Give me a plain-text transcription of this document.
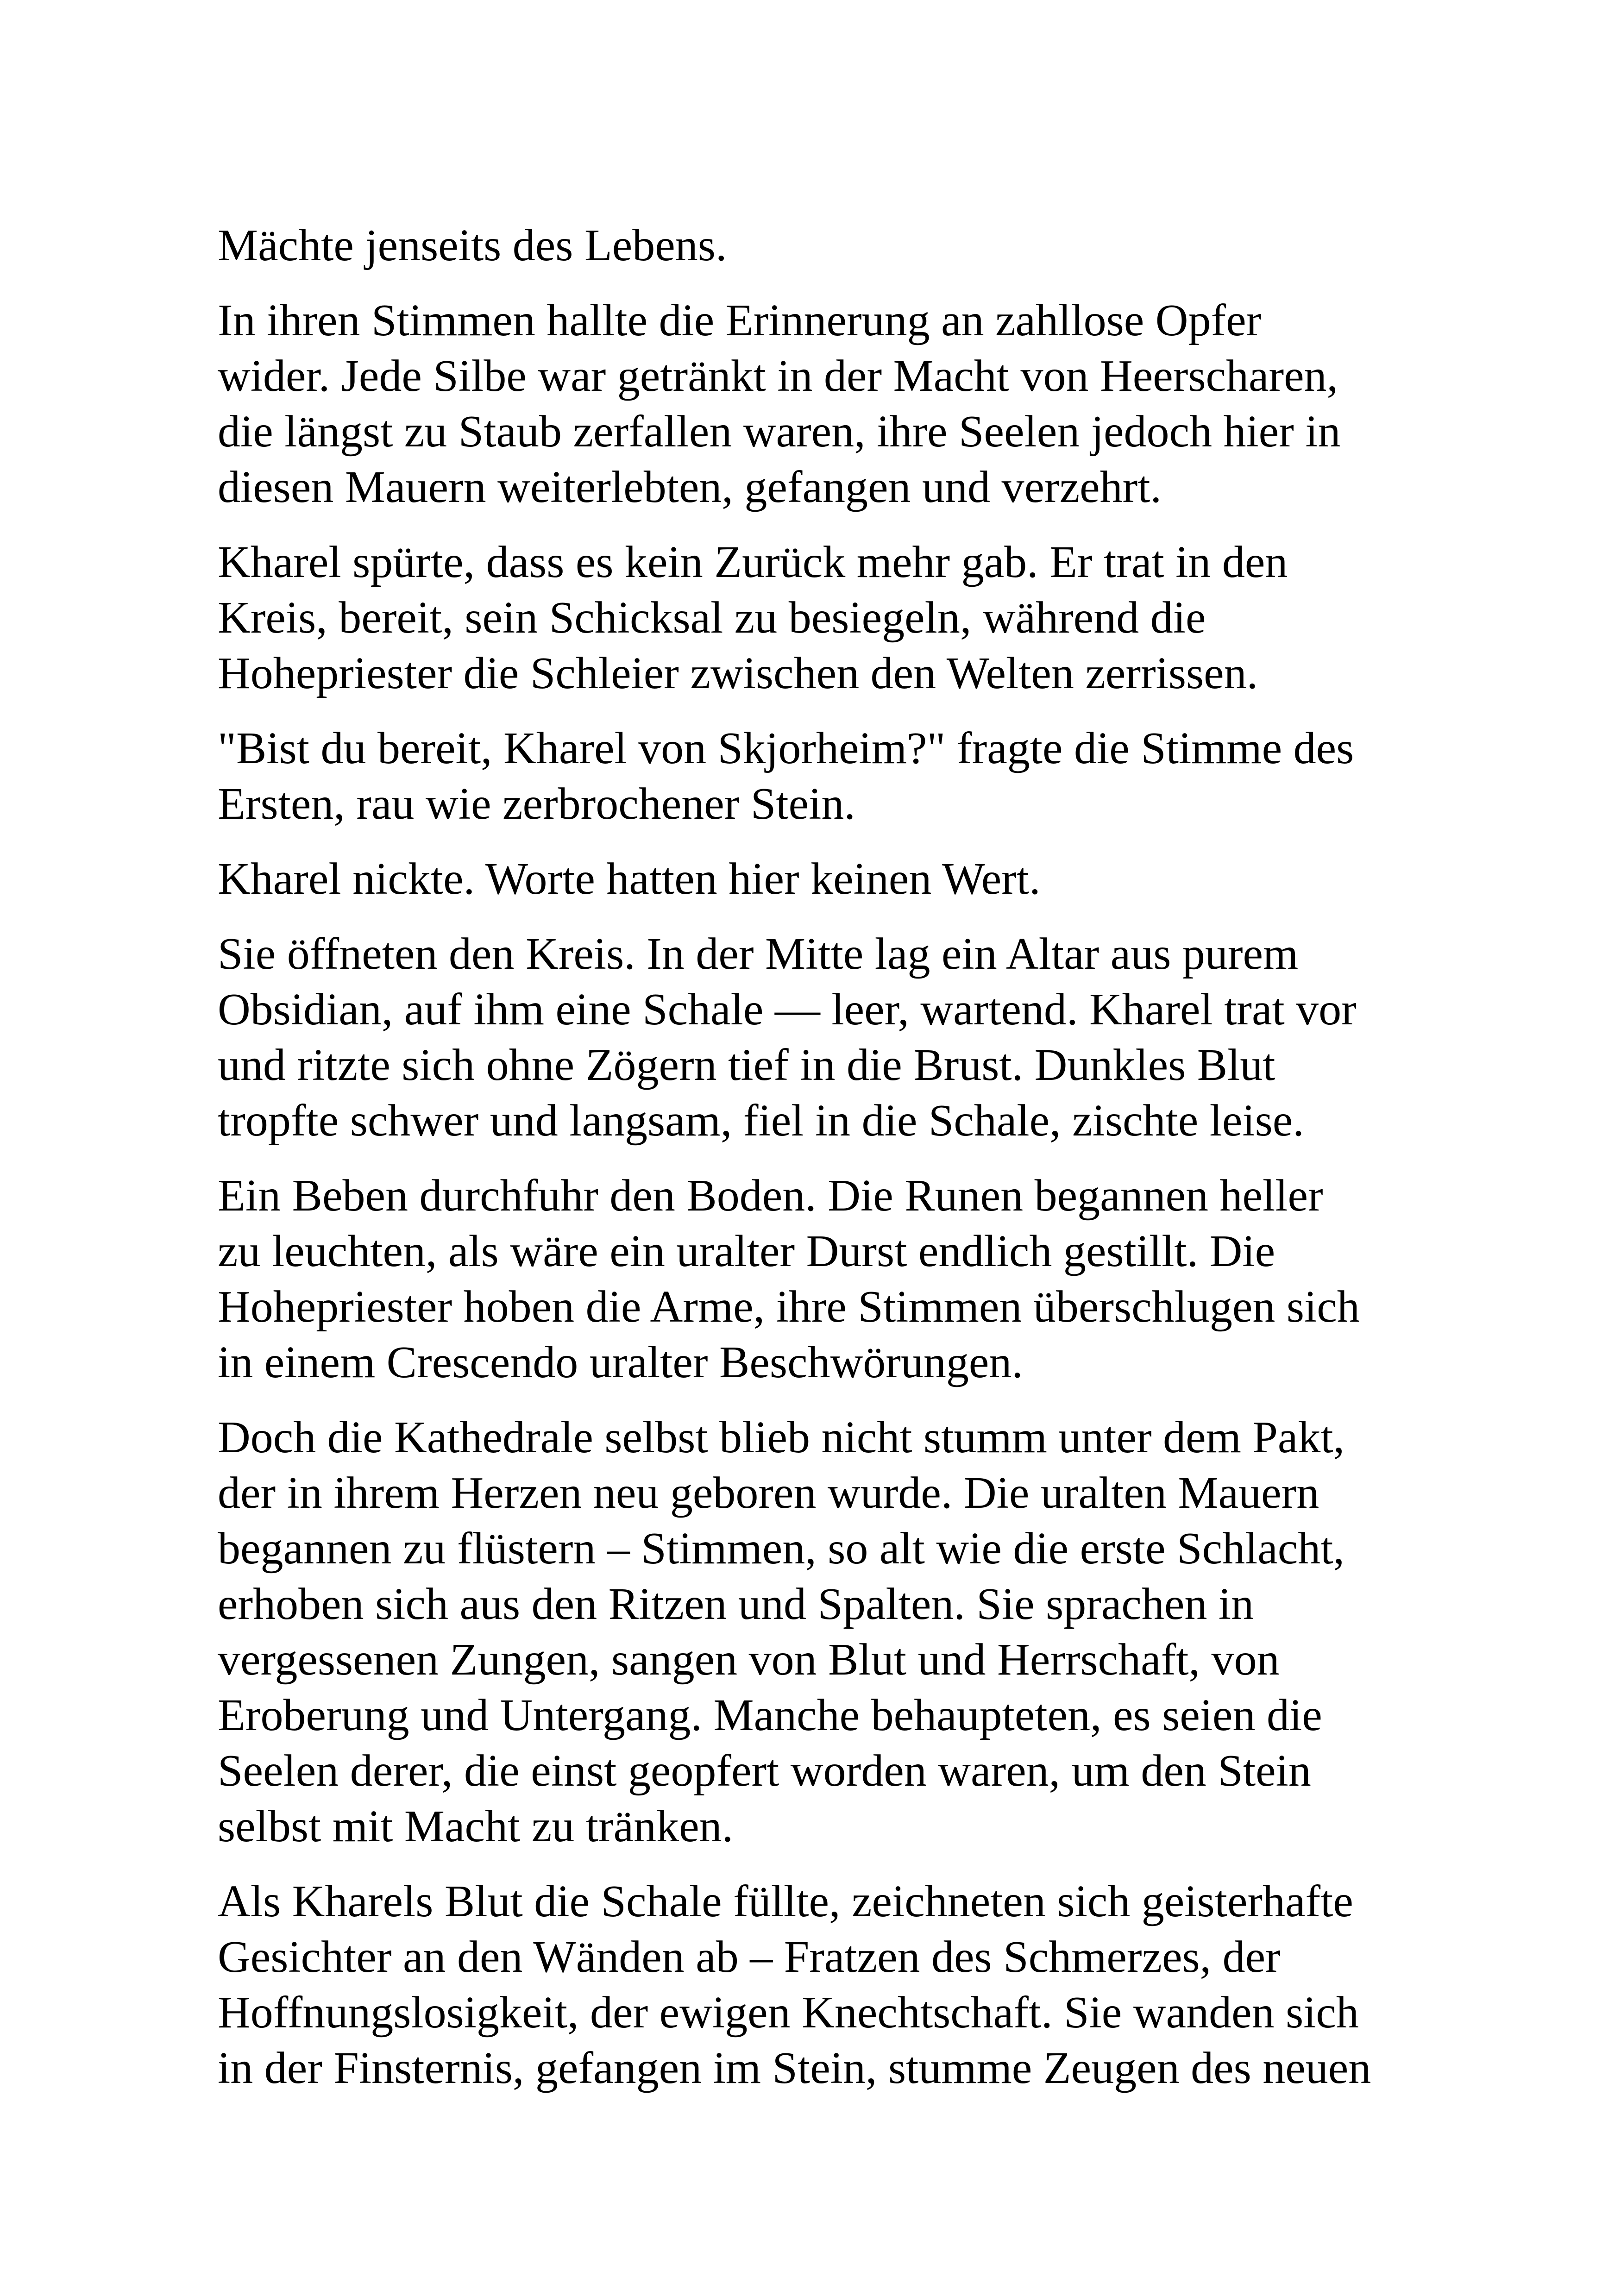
Mächte jenseits des Lebens.

In ihren Stimmen hallte die Erinnerung an zahllose Opfer
wider. Jede Silbe war getränkt in der Macht von Heerscharen,
die längst zu Staub zerfallen waren, ihre Seelen jedoch hier in
diesen Mauern weiterlebten, gefangen und verzehrt.

Kharel spürte, dass es kein Zurück mehr gab. Er trat in den
Kreis, bereit, sein Schicksal zu besiegeln, während die
Hohepriester die Schleier zwischen den Welten zerrissen.

"Bist du bereit, Kharel von Skjorheim?" fragte die Stimme des
Ersten, rau wie zerbrochener Stein.

Kharel nickte. Worte hatten hier keinen Wert.

Sie öffneten den Kreis. In der Mitte lag ein Altar aus purem
Obsidian, auf ihm eine Schale — leer, wartend. Kharel trat vor
und ritzte sich ohne Zögern tief in die Brust. Dunkles Blut
tropfte schwer und langsam, fiel in die Schale, zischte leise.

Ein Beben durchfuhr den Boden. Die Runen begannen heller
zu leuchten, als wäre ein uralter Durst endlich gestillt. Die
Hohepriester hoben die Arme, ihre Stimmen überschlugen sich
in einem Crescendo uralter Beschwörungen.

Doch die Kathedrale selbst blieb nicht stumm unter dem Pakt,
der in ihrem Herzen neu geboren wurde. Die uralten Mauern
begannen zu flüstern – Stimmen, so alt wie die erste Schlacht,
erhoben sich aus den Ritzen und Spalten. Sie sprachen in
vergessenen Zungen, sangen von Blut und Herrschaft, von
Eroberung und Untergang. Manche behaupteten, es seien die
Seelen derer, die einst geopfert worden waren, um den Stein
selbst mit Macht zu tränken.

Als Kharels Blut die Schale füllte, zeichneten sich geisterhafte
Gesichter an den Wänden ab – Fratzen des Schmerzes, der
Hoffnungslosigkeit, der ewigen Knechtschaft. Sie wanden sich
in der Finsternis, gefangen im Stein, stumme Zeugen des neuen
